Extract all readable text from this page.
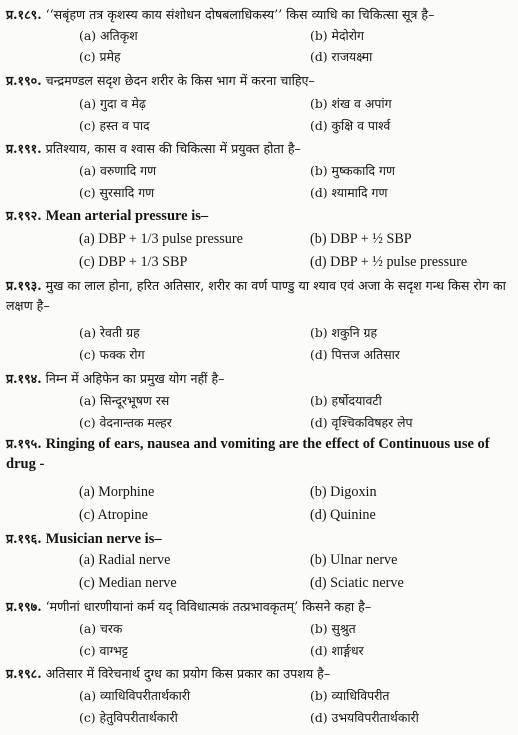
प्र.१८९. ‘‘सबृंहण तत्र कृशस्य काय संशोधन दोषबलाधिकस्य’’ किस व्याधि का चिकित्सा सूत्र है–
(a) अतिकृश	(b) मेदोरोग
(c) प्रमेह	(d) राजयक्ष्मा
प्र.१९०. चन्द्रमण्डल सदृश छेदन शरीर के किस भाग में करना चाहिए–
(a) गुदा व मेढ़	(b) शंख व अपांग
(c) हस्त व पाद	(d) कुक्षि व पार्श्व
प्र.१९१. प्रतिश्याय, कास व श्वास की चिकित्सा में प्रयुक्त होता है–
(a) वरुणादि गण	(b) मुष्ककादि गण
(c) सुरसादि गण	(d) श्यामादि गण
प्र.१९२. Mean arterial pressure is–
(a) DBP + 1/3 pulse pressure	(b) DBP + ½ SBP
(c) DBP + 1/3 SBP	(d) DBP + ½ pulse pressure
प्र.१९३. मुख का लाल होना, हरित अतिसार, शरीर का वर्ण पाण्डु या श्याव एवं अजा के सदृश गन्ध किस रोग का लक्षण है–
(a) रेवती ग्रह	(b) शकुनि ग्रह
(c) फक्क रोग	(d) पित्तज अतिसार
प्र.१९४. निम्न में अहिफेन का प्रमुख योग नहीं है–
(a) सिन्दूरभूषण रस	(b) हर्षोदयावटी
(c) वेदनान्तक मल्हर	(d) वृश्चिकविषहर लेप
प्र.१९५. Ringing of ears, nausea and vomiting are the effect of Continuous use of drug -
(a) Morphine	(b) Digoxin
(c) Atropine	(d) Quinine
प्र.१९६. Musician nerve is–
(a) Radial nerve	(b) Ulnar nerve
(c) Median nerve	(d) Sciatic nerve
प्र.१९७. ‘मणीनां धारणीयानां कर्म यद् विविधात्मकं तत्प्रभावकृतम्’ किसने कहा है–
(a) चरक	(b) सुश्रुत
(c) वाग्भट्ट	(d) शार्ङ्गधर
प्र.१९८. अतिसार में विरेचनार्थ दुग्ध का प्रयोग किस प्रकार का उपशय है–
(a) व्याधिविपरीतार्थकारी	(b) व्याधिविपरीत
(c) हेतुविपरीतार्थकारी	(d) उभयविपरीतार्थकारी
